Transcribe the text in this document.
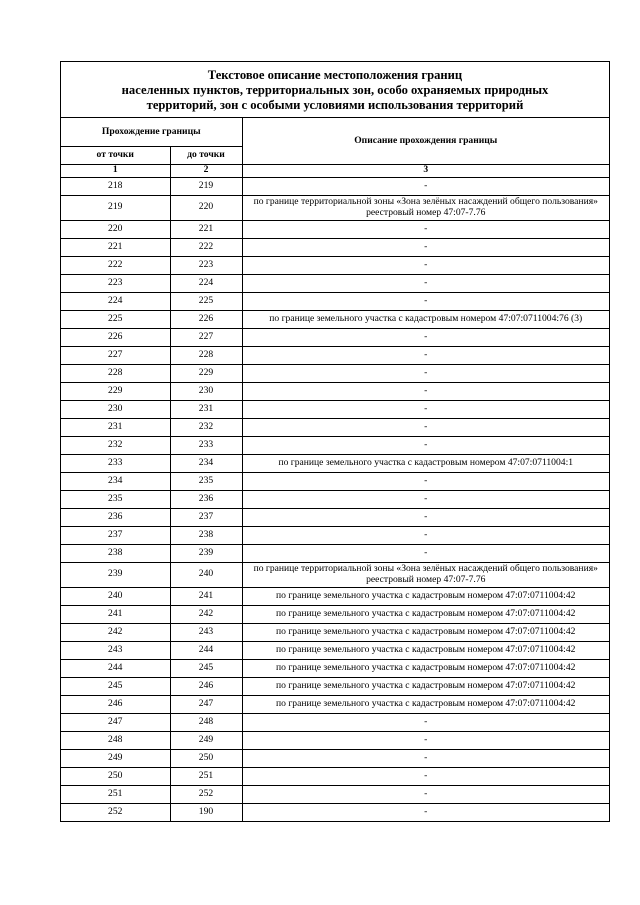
Текстовое описание местоположения границ
населенных пунктов, территориальных зон, особо охраняемых природных
территорий, зон с особыми условиями использования территорий
Прохождение границы		Описание прохождения границы
от точки	до точки	
1	2	3
218	219	-
219	220	по границе территориальной зоны «Зона зелёных насаждений общего пользования» реестровый номер 47:07-7.76
220	221	-
221	222	-
222	223	-
223	224	-
224	225	-
225	226	по границе земельного участка с кадастровым номером 47:07:0711004:76 (3)
226	227	-
227	228	-
228	229	-
229	230	-
230	231	-
231	232	-
232	233	-
233	234	по границе земельного участка с кадастровым номером 47:07:0711004:1
234	235	-
235	236	-
236	237	-
237	238	-
238	239	-
239	240	по границе территориальной зоны «Зона зелёных насаждений общего пользования» реестровый номер 47:07-7.76
240	241	по границе земельного участка с кадастровым номером 47:07:0711004:42
241	242	по границе земельного участка с кадастровым номером 47:07:0711004:42
242	243	по границе земельного участка с кадастровым номером 47:07:0711004:42
243	244	по границе земельного участка с кадастровым номером 47:07:0711004:42
244	245	по границе земельного участка с кадастровым номером 47:07:0711004:42
245	246	по границе земельного участка с кадастровым номером 47:07:0711004:42
246	247	по границе земельного участка с кадастровым номером 47:07:0711004:42
247	248	-
248	249	-
249	250	-
250	251	-
251	252	-
252	190	-
